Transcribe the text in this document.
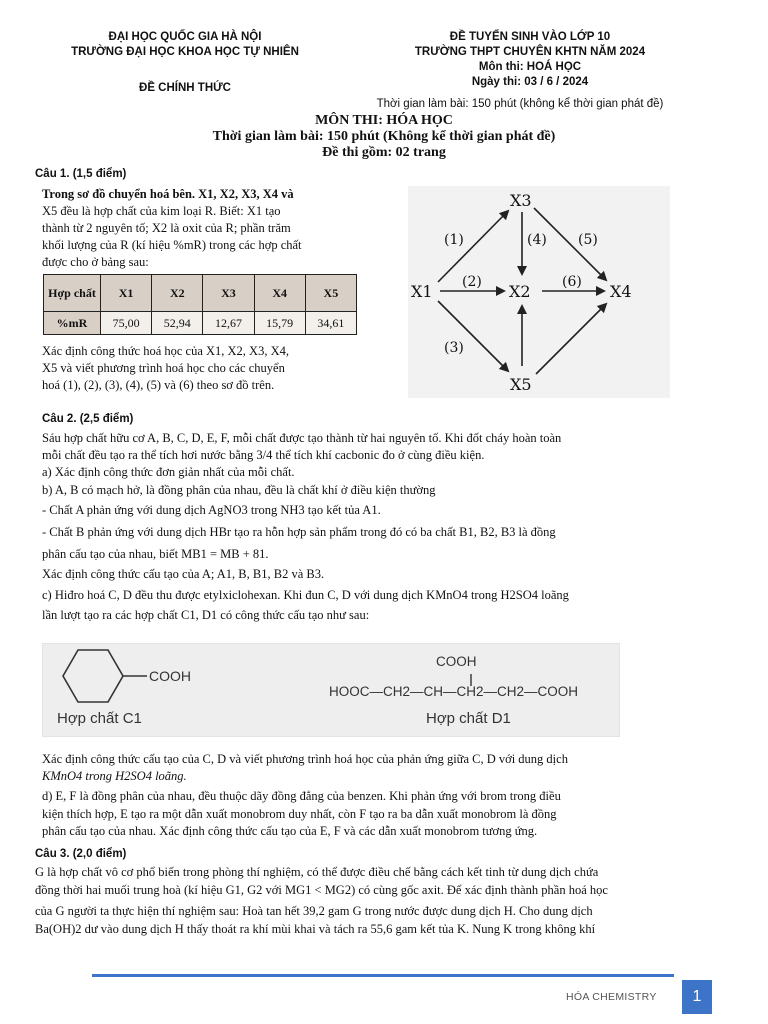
ĐẠI HỌC QUỐC GIA HÀ NỘI
TRƯỜNG ĐẠI HỌC KHOA HỌC TỰ NHIÊN
ĐỀ CHÍNH THỨC
ĐỀ TUYỂN SINH VÀO LỚP 10
TRƯỜNG THPT CHUYÊN KHTN NĂM 2024
Môn thi: HOÁ HỌC
Ngày thi: 03 / 6 / 2024
Thời gian làm bài: 150 phút (không kể thời gian phát đề)
MÔN THI: HÓA HỌC
Thời gian làm bài: 150 phút (Không kể thời gian phát đề)
Đề thi gồm: 02 trang
Câu 1. (1,5 điểm)
Trong sơ đồ chuyển hoá bên. X1, X2, X3, X4 và
X5 đều là hợp chất của kim loại R. Biết: X1 tạo
thành từ 2 nguyên tố; X2 là oxit của R; phần trăm
khối lượng của R (kí hiệu %mR) trong các hợp chất
được cho ở bảng sau:
Hợp chất	X1	X2	X3	X4	X5
%mR	75,00	52,94	12,67	15,79	34,61
Xác định công thức hoá học của X1, X2, X3, X4,
X5 và viết phương trình hoá học cho các chuyển
hoá (1), (2), (3), (4), (5) và (6) theo sơ đồ trên.
X3
X1	X2	X4
X5
(1)
(2)
(3)
(4) (5)
(6)
Câu 2. (2,5 điểm)
Sáu hợp chất hữu cơ A, B, C, D, E, F, mỗi chất được tạo thành từ hai nguyên tố. Khi đốt cháy hoàn toàn
mỗi chất đều tạo ra thể tích hơi nước bằng 3/4 thể tích khí cacbonic đo ở cùng điều kiện.
a) Xác định công thức đơn giản nhất của mỗi chất.
b) A, B có mạch hở, là đồng phân của nhau, đều là chất khí ở điều kiện thường
- Chất A phản ứng với dung dịch AgNO3 trong NH3 tạo kết tủa A1.
- Chất B phản ứng với dung dịch HBr tạo ra hỗn hợp sản phẩm trong đó có ba chất B1, B2, B3 là đồng
phân cấu tạo của nhau, biết MB1 = MB + 81.
Xác định công thức cấu tạo của A; A1, B, B1, B2 và B3.
c) Hiđro hoá C, D đều thu được etylxiclohexan. Khi đun C, D với dung dịch KMnO4 trong H2SO4 loãng
lần lượt tạo ra các hợp chất C1, D1 có công thức cấu tạo như sau:
COOH
Hợp chất C1
COOH
HOOC—CH2—CH—CH2—CH2—COOH
Hợp chất D1
Xác định công thức cấu tạo của C, D và viết phương trình hoá học của phản ứng giữa C, D với dung dịch
KMnO4 trong H2SO4 loãng.
d) E, F là đồng phân của nhau, đều thuộc dãy đồng đẳng của benzen. Khi phản ứng với brom trong điều
kiện thích hợp, E tạo ra một dẫn xuất monobrom duy nhất, còn F tạo ra ba dẫn xuất monobrom là đồng
phân cấu tạo của nhau. Xác định công thức cấu tạo của E, F và các dẫn xuất monobrom tương ứng.
Câu 3. (2,0 điểm)
G là hợp chất vô cơ phổ biến trong phòng thí nghiệm, có thể được điều chế bằng cách kết tinh từ dung dịch chứa
đồng thời hai muối trung hoà (kí hiệu G1, G2 với MG1 < MG2) có cùng gốc axit. Để xác định thành phần hoá học
của G người ta thực hiện thí nghiệm sau: Hoà tan hết 39,2 gam G trong nước được dung dịch H. Cho dung dịch
Ba(OH)2 dư vào dung dịch H thấy thoát ra khí mùi khai và tách ra 55,6 gam kết tủa K. Nung K trong không khí
HÓA CHEMISTRY	1
